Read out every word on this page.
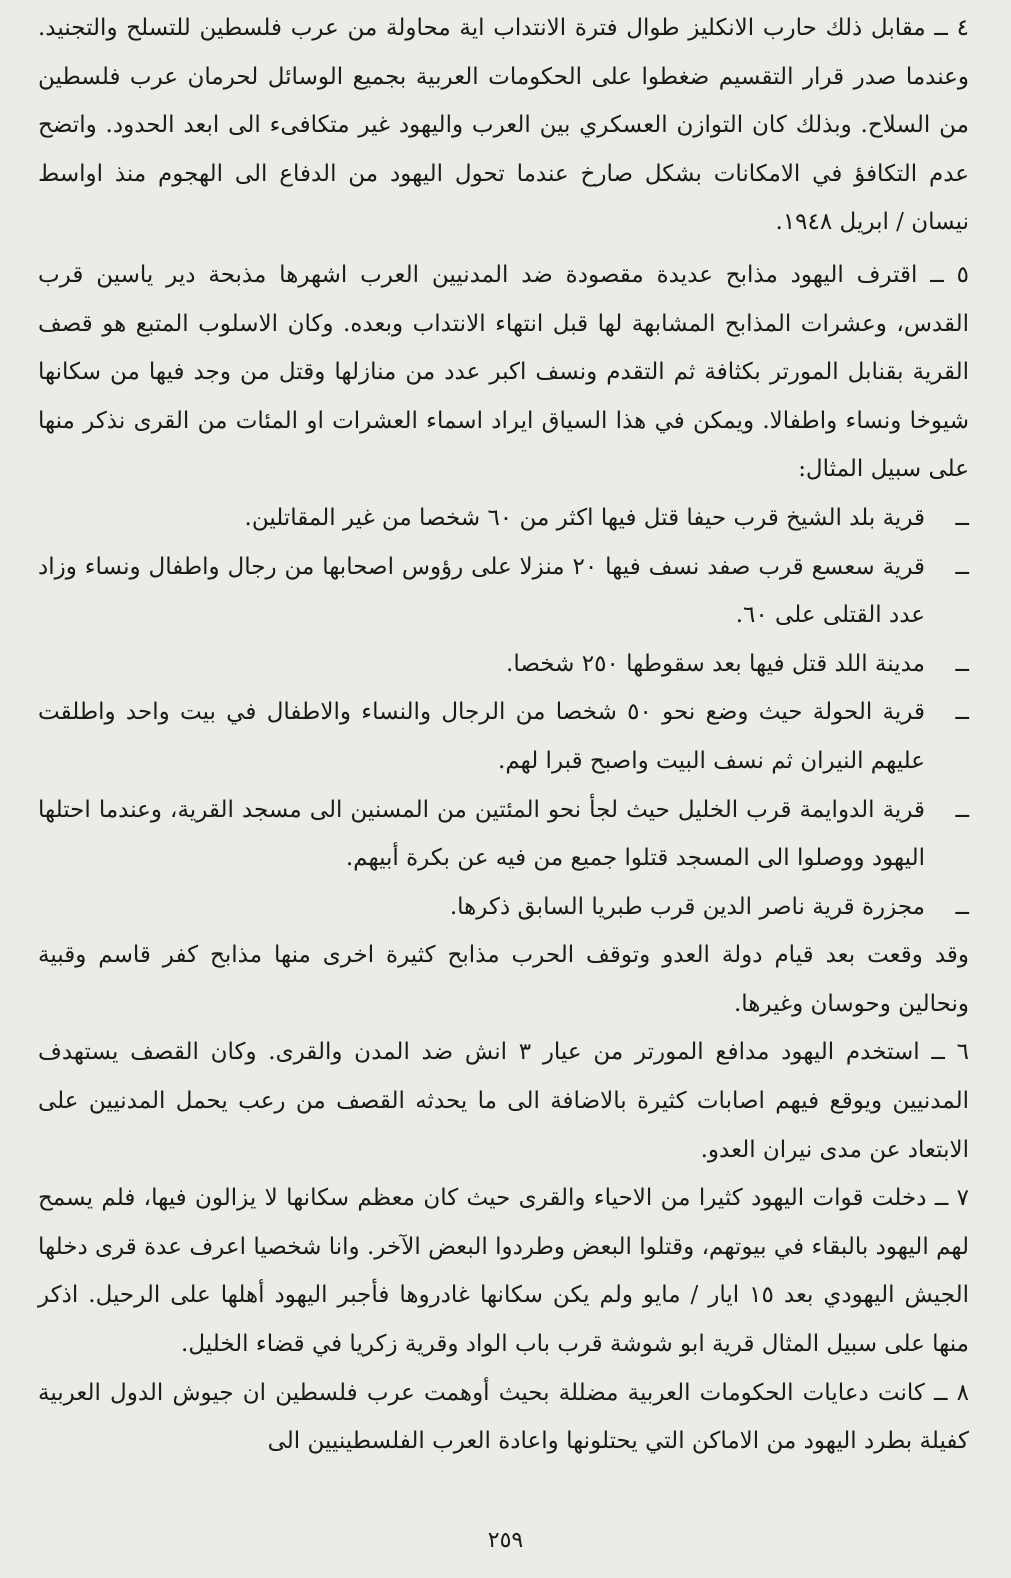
٤ ــ مقابل ذلك حارب الانكليز طوال فترة الانتداب اية محاولة من عرب فلسطين للتسلح والتجنيد. وعندما صدر قرار التقسيم ضغطوا على الحكومات العربية بجميع الوسائل لحرمان عرب فلسطين من السلاح. وبذلك كان التوازن العسكري بين العرب واليهود غير متكافىء الى ابعد الحدود. واتضح عدم التكافؤ في الامكانات بشكل صارخ عندما تحول اليهود من الدفاع الى الهجوم منذ اواسط نيسان / ابريل ١٩٤٨.

٥ ــ اقترف اليهود مذابح عديدة مقصودة ضد المدنيين العرب اشهرها مذبحة دير ياسين قرب القدس، وعشرات المذابح المشابهة لها قبل انتهاء الانتداب وبعده. وكان الاسلوب المتبع هو قصف القرية بقنابل المورتر بكثافة ثم التقدم ونسف اكبر عدد من منازلها وقتل من وجد فيها من سكانها شيوخا ونساء واطفالا. ويمكن في هذا السياق ايراد اسماء العشرات او المئات من القرى نذكر منها على سبيل المثال:

ــ
قرية بلد الشيخ قرب حيفا قتل فيها اكثر من ٦٠ شخصا من غير المقاتلين.

ــ
قرية سعسع قرب صفد نسف فيها ٢٠ منزلا على رؤوس اصحابها من رجال واطفال ونساء وزاد عدد القتلى على ٦٠.

ــ
مدينة اللد قتل فيها بعد سقوطها ٢٥٠ شخصا.

ــ
قرية الحولة حيث وضع نحو ٥٠ شخصا من الرجال والنساء والاطفال في بيت واحد واطلقت عليهم النيران ثم نسف البيت واصبح قبرا لهم.

ــ
قرية الدوايمة قرب الخليل حيث لجأ نحو المئتين من المسنين الى مسجد القرية، وعندما احتلها اليهود ووصلوا الى المسجد قتلوا جميع من فيه عن بكرة أبيهم.

ــ
مجزرة قرية ناصر الدين قرب طبريا السابق ذكرها.

وقد وقعت بعد قيام دولة العدو وتوقف الحرب مذابح كثيرة اخرى منها مذابح كفر قاسم وقبية ونحالين وحوسان وغيرها.

٦ ــ استخدم اليهود مدافع المورتر من عيار ٣ انش ضد المدن والقرى. وكان القصف يستهدف المدنيين ويوقع فيهم اصابات كثيرة بالاضافة الى ما يحدثه القصف من رعب يحمل المدنيين على الابتعاد عن مدى نيران العدو.

٧ ــ دخلت قوات اليهود كثيرا من الاحياء والقرى حيث كان معظم سكانها لا يزالون فيها، فلم يسمح لهم اليهود بالبقاء في بيوتهم، وقتلوا البعض وطردوا البعض الآخر. وانا شخصيا اعرف عدة قرى دخلها الجيش اليهودي بعد ١٥ ايار / مايو ولم يكن سكانها غادروها فأجبر اليهود أهلها على الرحيل. اذكر منها على سبيل المثال قرية ابو شوشة قرب باب الواد وقرية زكريا في قضاء الخليل.

٨ ــ كانت دعايات الحكومات العربية مضللة بحيث أوهمت عرب فلسطين ان جيوش الدول العربية كفيلة بطرد اليهود من الاماكن التي يحتلونها واعادة العرب الفلسطينيين الى

٢٥٩
